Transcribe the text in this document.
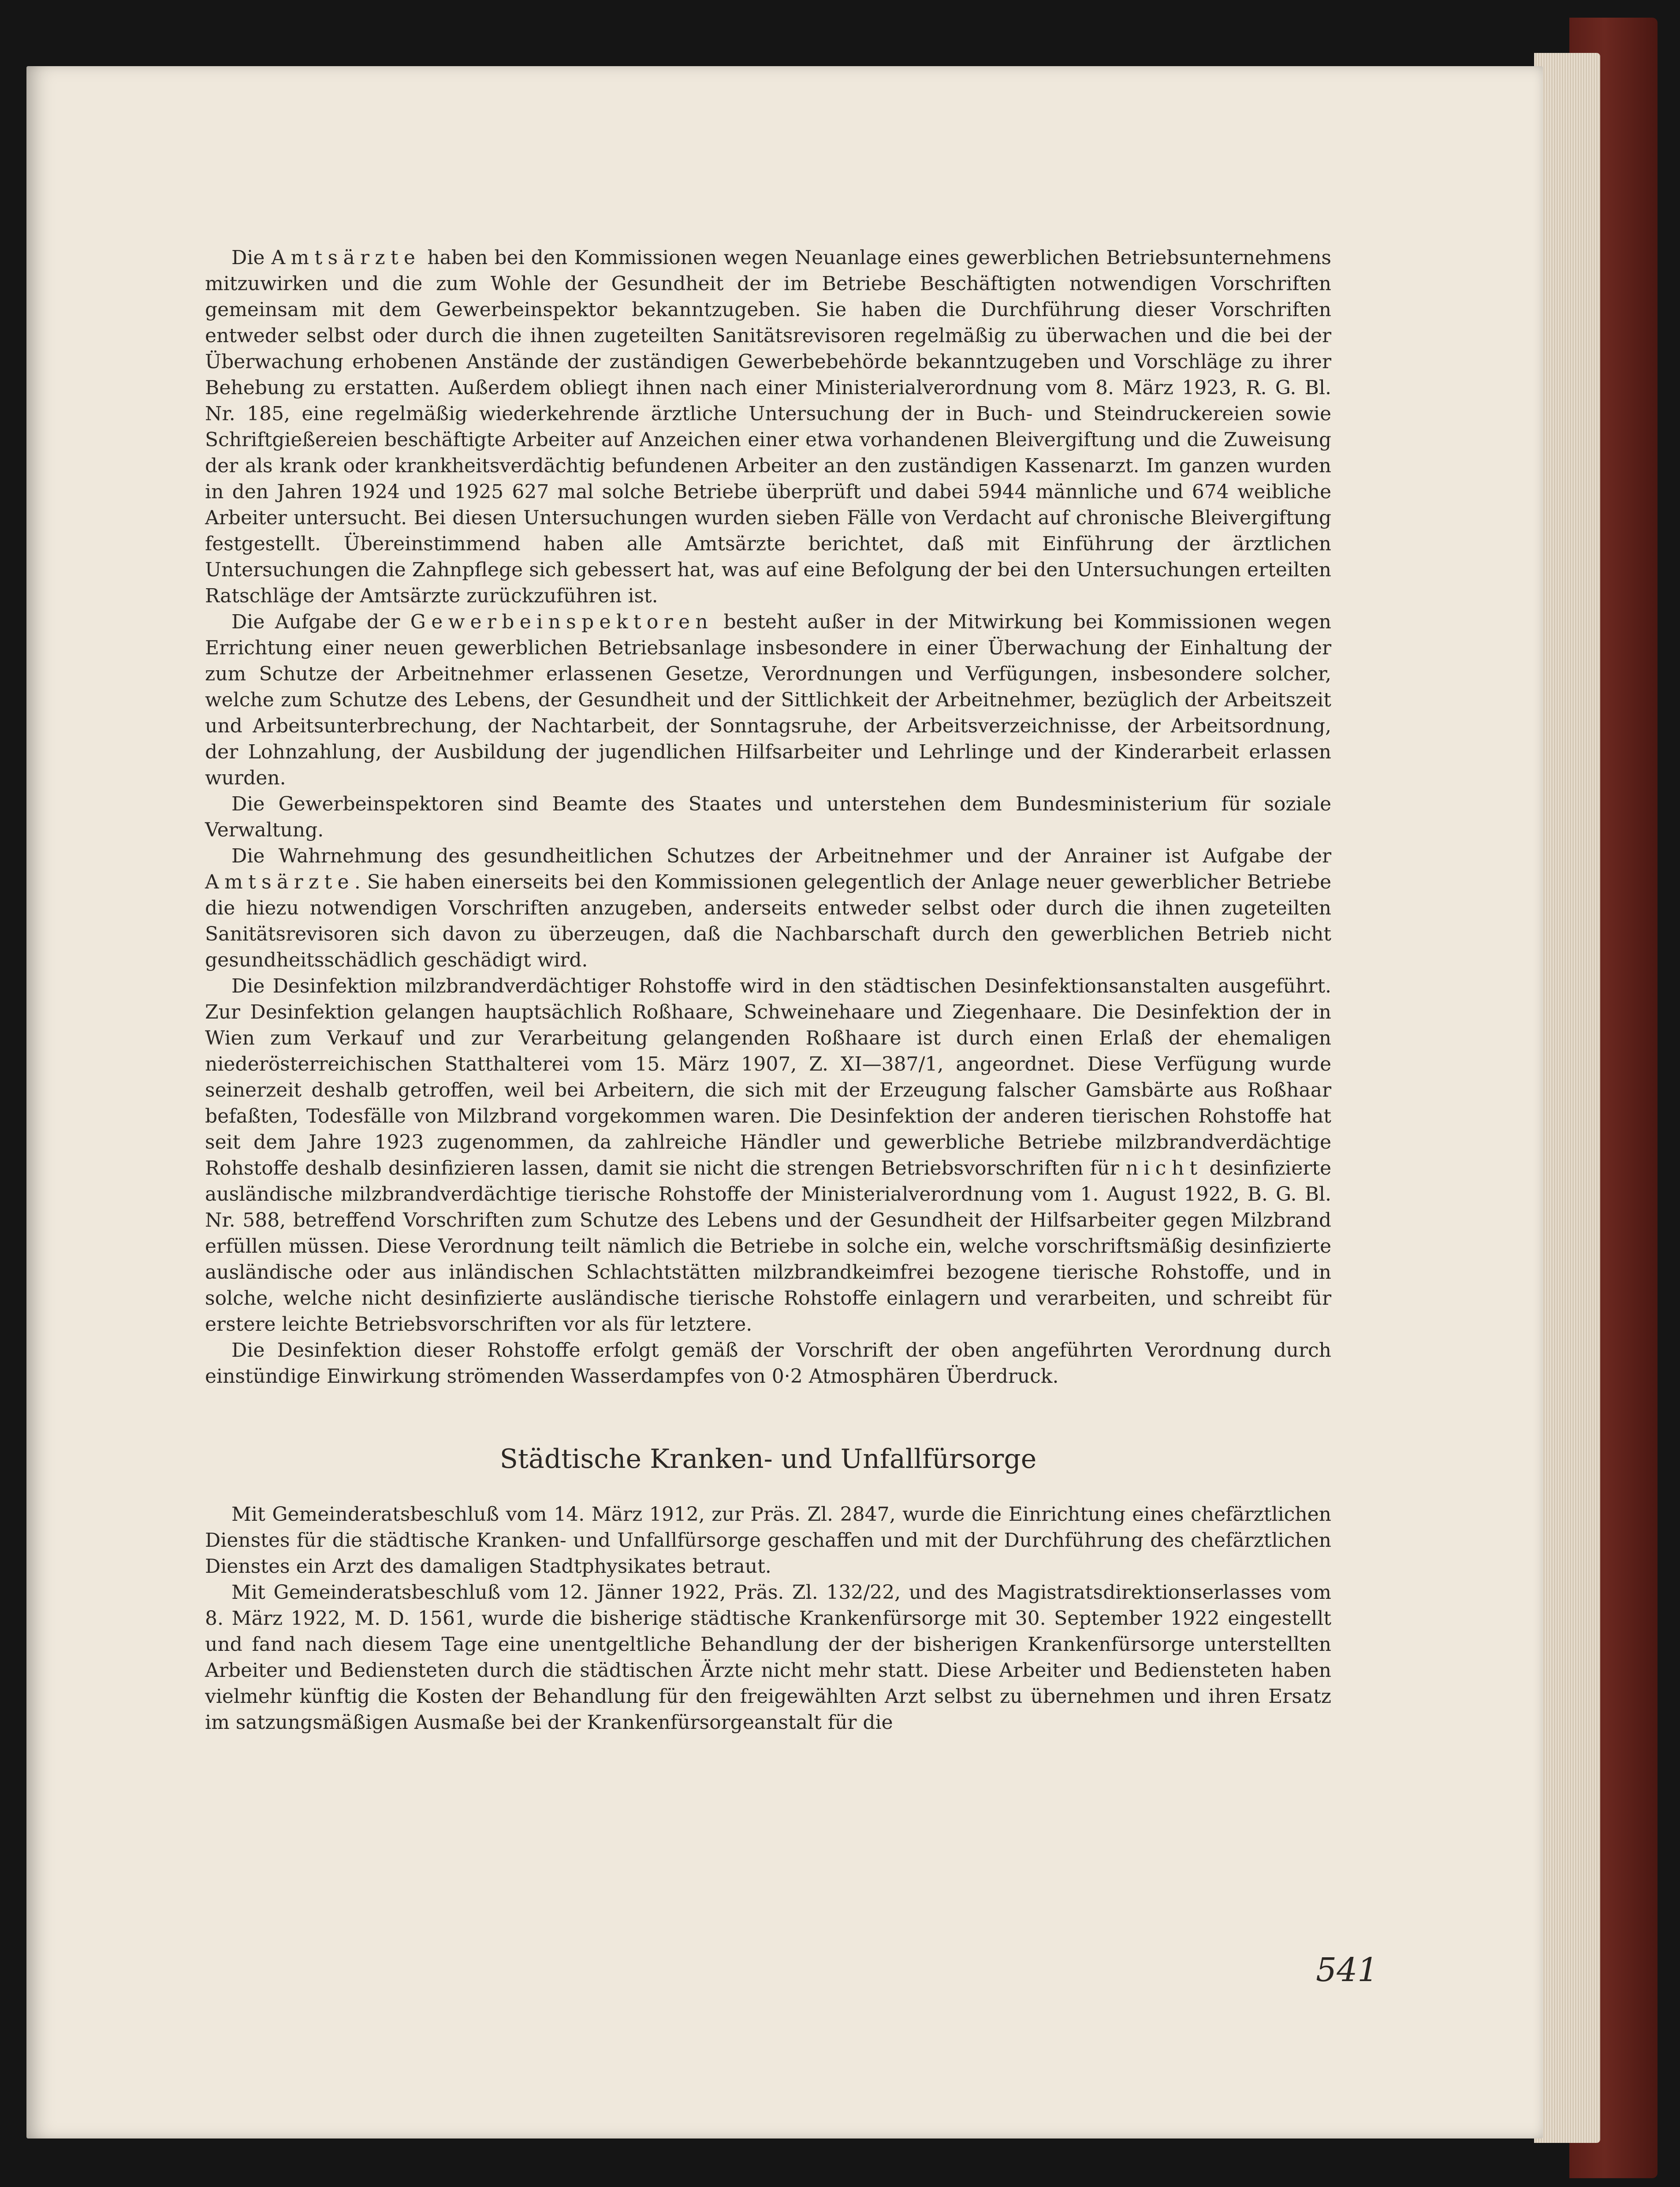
Die Amtsärzte haben bei den Kommissionen wegen Neuanlage eines gewerblichen Betriebsunternehmens mitzuwirken und die zum Wohle der Gesundheit der im Betriebe Beschäftigten notwendigen Vorschriften gemeinsam mit dem Gewerbeinspektor bekanntzugeben. Sie haben die Durchführung dieser Vorschriften entweder selbst oder durch die ihnen zugeteilten Sanitätsrevisoren regelmäßig zu überwachen und die bei der Überwachung erhobenen Anstände der zuständigen Gewerbebehörde bekanntzugeben und Vorschläge zu ihrer Behebung zu erstatten. Außerdem obliegt ihnen nach einer Ministerialverordnung vom 8. März 1923, R. G. Bl. Nr. 185, eine regelmäßig wiederkehrende ärztliche Untersuchung der in Buch- und Steindruckereien sowie Schriftgießereien beschäftigte Arbeiter auf Anzeichen einer etwa vorhandenen Bleivergiftung und die Zuweisung der als krank oder krankheitsverdächtig befundenen Arbeiter an den zuständigen Kassenarzt. Im ganzen wurden in den Jahren 1924 und 1925 627 mal solche Betriebe überprüft und dabei 5944 männliche und 674 weibliche Arbeiter untersucht. Bei diesen Untersuchungen wurden sieben Fälle von Verdacht auf chronische Bleivergiftung festgestellt. Übereinstimmend haben alle Amtsärzte berichtet, daß mit Einführung der ärztlichen Untersuchungen die Zahnpflege sich gebessert hat, was auf eine Befolgung der bei den Untersuchungen erteilten Ratschläge der Amtsärzte zurückzuführen ist.

Die Aufgabe der Gewerbeinspektoren besteht außer in der Mitwirkung bei Kommissionen wegen Errichtung einer neuen gewerblichen Betriebsanlage insbesondere in einer Überwachung der Einhaltung der zum Schutze der Arbeitnehmer erlassenen Gesetze, Verordnungen und Verfügungen, insbesondere solcher, welche zum Schutze des Lebens, der Gesundheit und der Sittlichkeit der Arbeitnehmer, bezüglich der Arbeitszeit und Arbeitsunterbrechung, der Nachtarbeit, der Sonntagsruhe, der Arbeitsverzeichnisse, der Arbeitsordnung, der Lohnzahlung, der Ausbildung der jugendlichen Hilfsarbeiter und Lehrlinge und der Kinderarbeit erlassen wurden.

Die Gewerbeinspektoren sind Beamte des Staates und unterstehen dem Bundesministerium für soziale Verwaltung.

Die Wahrnehmung des gesundheitlichen Schutzes der Arbeitnehmer und der Anrainer ist Aufgabe der Amtsärzte. Sie haben einerseits bei den Kommissionen gelegentlich der Anlage neuer gewerblicher Betriebe die hiezu notwendigen Vorschriften anzugeben, anderseits entweder selbst oder durch die ihnen zugeteilten Sanitätsrevisoren sich davon zu überzeugen, daß die Nachbarschaft durch den gewerblichen Betrieb nicht gesundheitsschädlich geschädigt wird.

Die Desinfektion milzbrandverdächtiger Rohstoffe wird in den städtischen Desinfektionsanstalten ausgeführt. Zur Desinfektion gelangen hauptsächlich Roßhaare, Schweinehaare und Ziegenhaare. Die Desinfektion der in Wien zum Verkauf und zur Verarbeitung gelangenden Roßhaare ist durch einen Erlaß der ehemaligen niederösterreichischen Statthalterei vom 15. März 1907, Z. XI—387/1, angeordnet. Diese Verfügung wurde seinerzeit deshalb getroffen, weil bei Arbeitern, die sich mit der Erzeugung falscher Gamsbärte aus Roßhaar befaßten, Todesfälle von Milzbrand vorgekommen waren. Die Desinfektion der anderen tierischen Rohstoffe hat seit dem Jahre 1923 zugenommen, da zahlreiche Händler und gewerbliche Betriebe milzbrandverdächtige Rohstoffe deshalb desinfizieren lassen, damit sie nicht die strengen Betriebsvorschriften für nicht desinfizierte ausländische milzbrandverdächtige tierische Rohstoffe der Ministerialverordnung vom 1. August 1922, B. G. Bl. Nr. 588, betreffend Vorschriften zum Schutze des Lebens und der Gesundheit der Hilfsarbeiter gegen Milzbrand erfüllen müssen. Diese Verordnung teilt nämlich die Betriebe in solche ein, welche vorschriftsmäßig desinfizierte ausländische oder aus inländischen Schlachtstätten milzbrandkeimfrei bezogene tierische Rohstoffe, und in solche, welche nicht desinfizierte ausländische tierische Rohstoffe einlagern und verarbeiten, und schreibt für erstere leichte Betriebsvorschriften vor als für letztere.

Die Desinfektion dieser Rohstoffe erfolgt gemäß der Vorschrift der oben angeführten Verordnung durch einstündige Einwirkung strömenden Wasserdampfes von 0·2 Atmosphären Überdruck.

Städtische Kranken- und Unfallfürsorge

Mit Gemeinderatsbeschluß vom 14. März 1912, zur Präs. Zl. 2847, wurde die Einrichtung eines chefärztlichen Dienstes für die städtische Kranken- und Unfallfürsorge geschaffen und mit der Durchführung des chefärztlichen Dienstes ein Arzt des damaligen Stadtphysikates betraut.

Mit Gemeinderatsbeschluß vom 12. Jänner 1922, Präs. Zl. 132/22, und des Magistratsdirektionserlasses vom 8. März 1922, M. D. 1561, wurde die bisherige städtische Krankenfürsorge mit 30. September 1922 eingestellt und fand nach diesem Tage eine unentgeltliche Behandlung der der bisherigen Krankenfürsorge unterstellten Arbeiter und Bediensteten durch die städtischen Ärzte nicht mehr statt. Diese Arbeiter und Bediensteten haben vielmehr künftig die Kosten der Behandlung für den freigewählten Arzt selbst zu übernehmen und ihren Ersatz im satzungsmäßigen Ausmaße bei der Krankenfürsorgeanstalt für die

541
